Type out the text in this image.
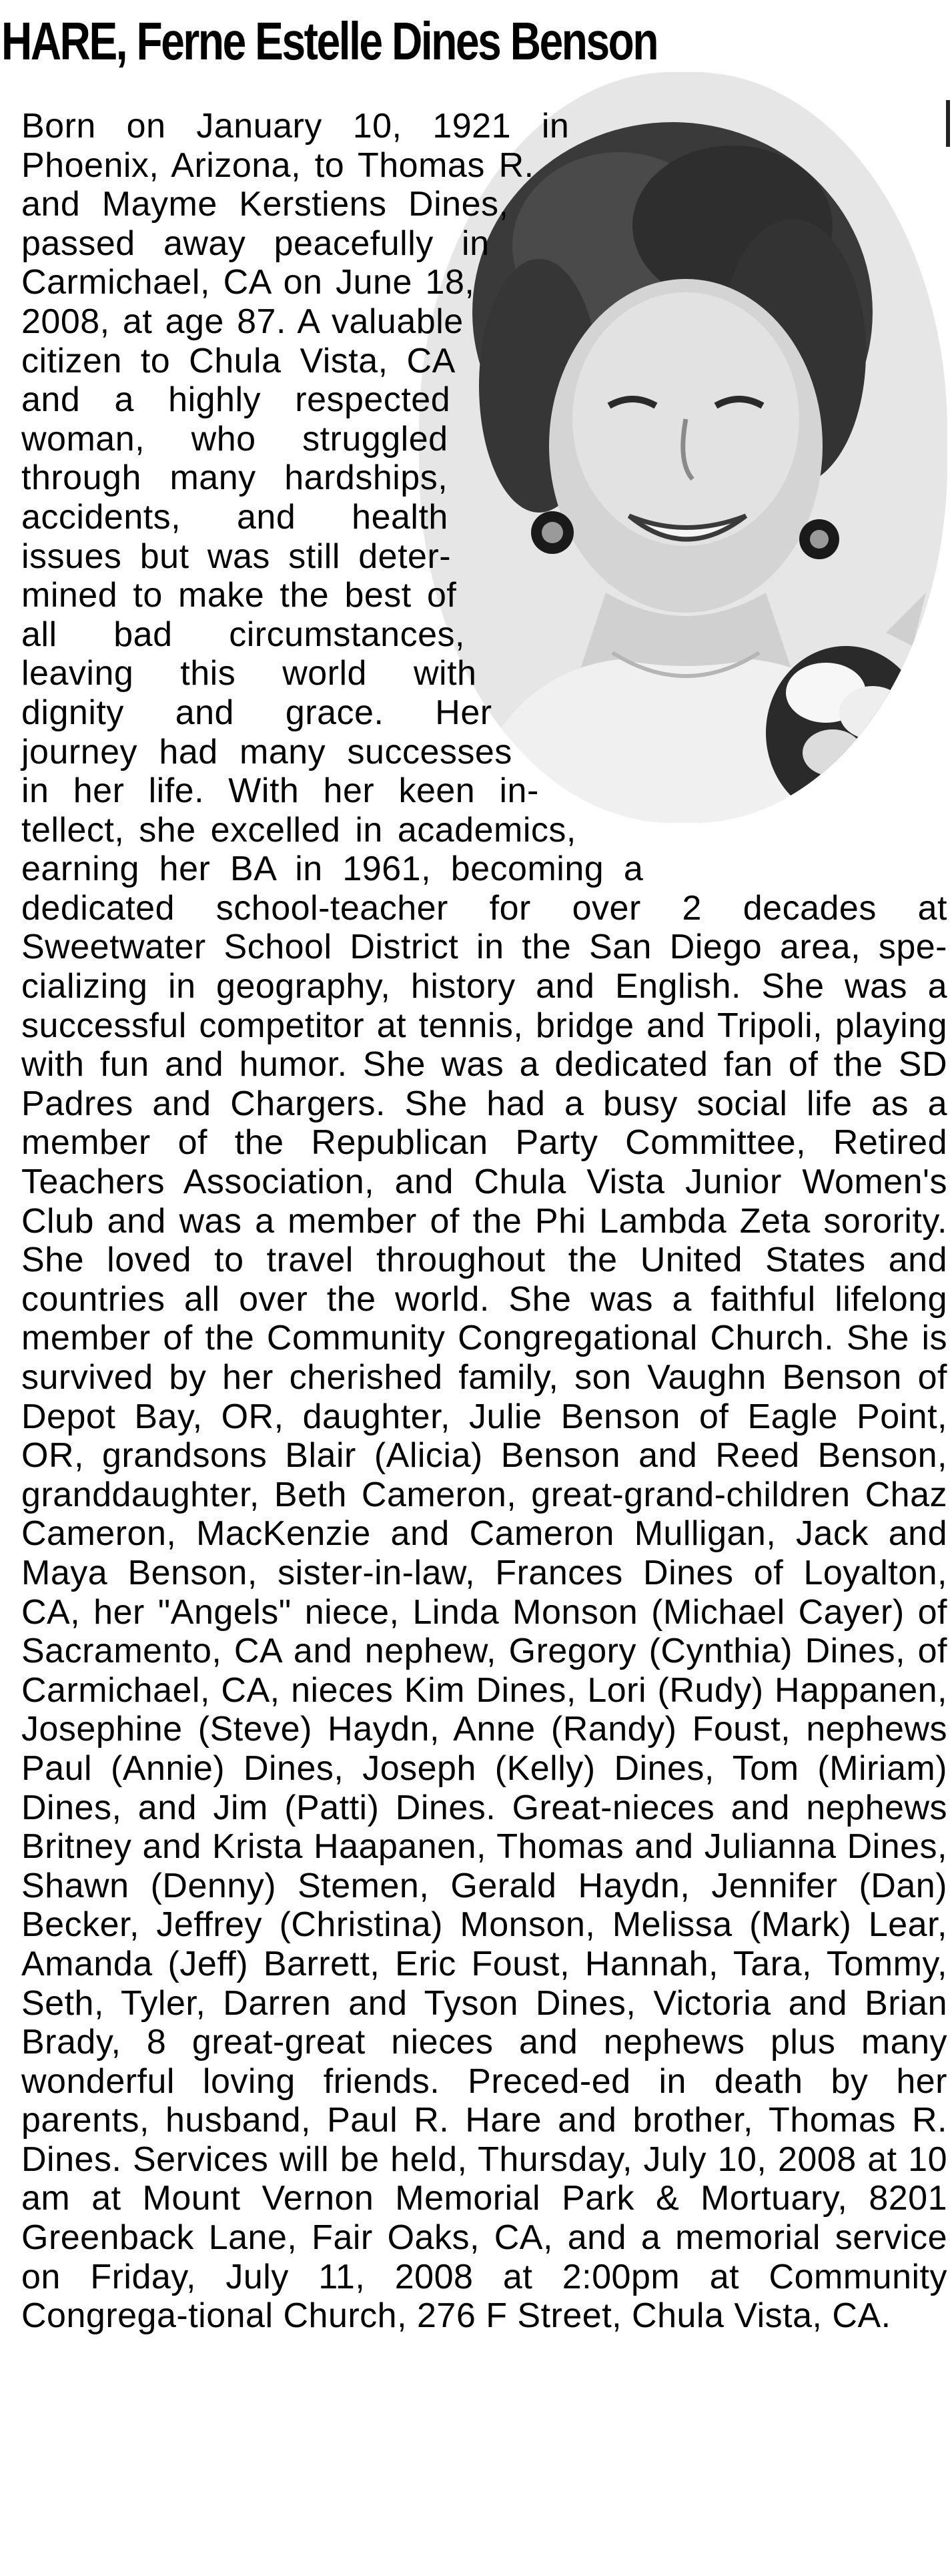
HARE, Ferne Estelle Dines Benson

Born on January 10, 1921 in Phoenix, Arizona, to Thomas R. and Mayme Kerstiens Dines, passed away peacefully in Carmichael, CA on June 18, 2008, at age 87. A valuable citizen to Chula Vista, CA and a highly respected woman, who struggled through many hardships, accidents, and health issues but was still deter-mined to make the best of all bad circumstances, leaving this world with dignity and grace. Her journey had many successes in her life. With her keen in-tellect, she excelled in academics, earning her BA in 1961, becoming a dedicated school-teacher for over 2 decades at Sweetwater School District in the San Diego area, spe-cializing in geography, history and English. She was a successful competitor at tennis, bridge and Tripoli, playing with fun and humor. She was a dedicated fan of the SD Padres and Chargers. She had a busy social life as a member of the Republican Party Committee, Retired Teachers Association, and Chula Vista Junior Women's Club and was a member of the Phi Lambda Zeta sorority. She loved to travel throughout the United States and countries all over the world. She was a faithful lifelong member of the Community Congregational Church. She is survived by her cherished family, son Vaughn Benson of Depot Bay, OR, daughter, Julie Benson of Eagle Point, OR, grandsons Blair (Alicia) Benson and Reed Benson, granddaughter, Beth Cameron, great-grand-children Chaz Cameron, MacKenzie and Cameron Mulligan, Jack and Maya Benson, sister-in-law, Frances Dines of Loyalton, CA, her "Angels" niece, Linda Monson (Michael Cayer) of Sacramento, CA and nephew, Gregory (Cynthia) Dines, of Carmichael, CA, nieces Kim Dines, Lori (Rudy) Happanen, Josephine (Steve) Haydn, Anne (Randy) Foust, nephews Paul (Annie) Dines, Joseph (Kelly) Dines, Tom (Miriam) Dines, and Jim (Patti) Dines. Great-nieces and nephews Britney and Krista Haapanen, Thomas and Julianna Dines, Shawn (Denny) Stemen, Gerald Haydn, Jennifer (Dan) Becker, Jeffrey (Christina) Monson, Melissa (Mark) Lear, Amanda (Jeff) Barrett, Eric Foust, Hannah, Tara, Tommy, Seth, Tyler, Darren and Tyson Dines, Victoria and Brian Brady, 8 great-great nieces and nephews plus many wonderful loving friends. Preced-ed in death by her parents, husband, Paul R. Hare and brother, Thomas R. Dines. Services will be held, Thursday, July 10, 2008 at 10 am at Mount Vernon Memorial Park & Mortuary, 8201 Greenback Lane, Fair Oaks, CA, and a memorial service on Friday, July 11, 2008 at 2:00pm at Community Congrega-tional Church, 276 F Street, Chula Vista, CA.
